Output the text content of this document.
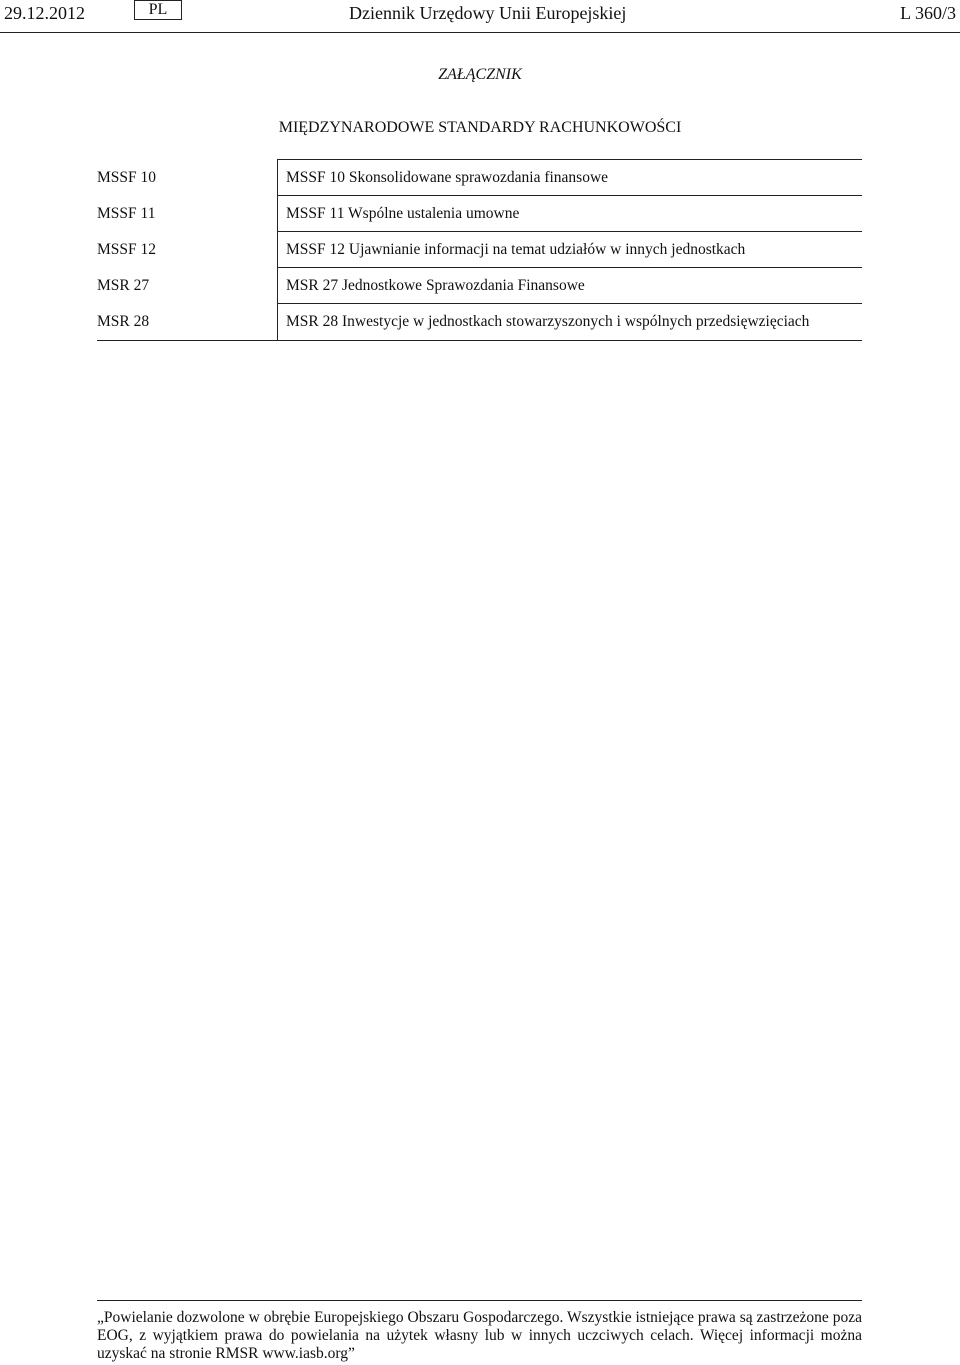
29.12.2012	PL	Dziennik Urzędowy Unii Europejskiej	L 360/3
ZAŁĄCZNIK
MIĘDZYNARODOWE STANDARDY RACHUNKOWOŚCI
MSSF 10	MSSF 10 Skonsolidowane sprawozdania finansowe
MSSF 11	MSSF 11 Wspólne ustalenia umowne
MSSF 12	MSSF 12 Ujawnianie informacji na temat udziałów w innych jednostkach
MSR 27	MSR 27 Jednostkowe Sprawozdania Finansowe
MSR 28	MSR 28 Inwestycje w jednostkach stowarzyszonych i wspólnych przedsięwzięciach
„Powielanie dozwolone w obrębie Europejskiego Obszaru Gospodarczego. Wszystkie istniejące prawa są zastrzeżone poza EOG, z wyjątkiem prawa do powielania na użytek własny lub w innych uczciwych celach. Więcej informacji można uzyskać na stronie RMSR www.iasb.org”
